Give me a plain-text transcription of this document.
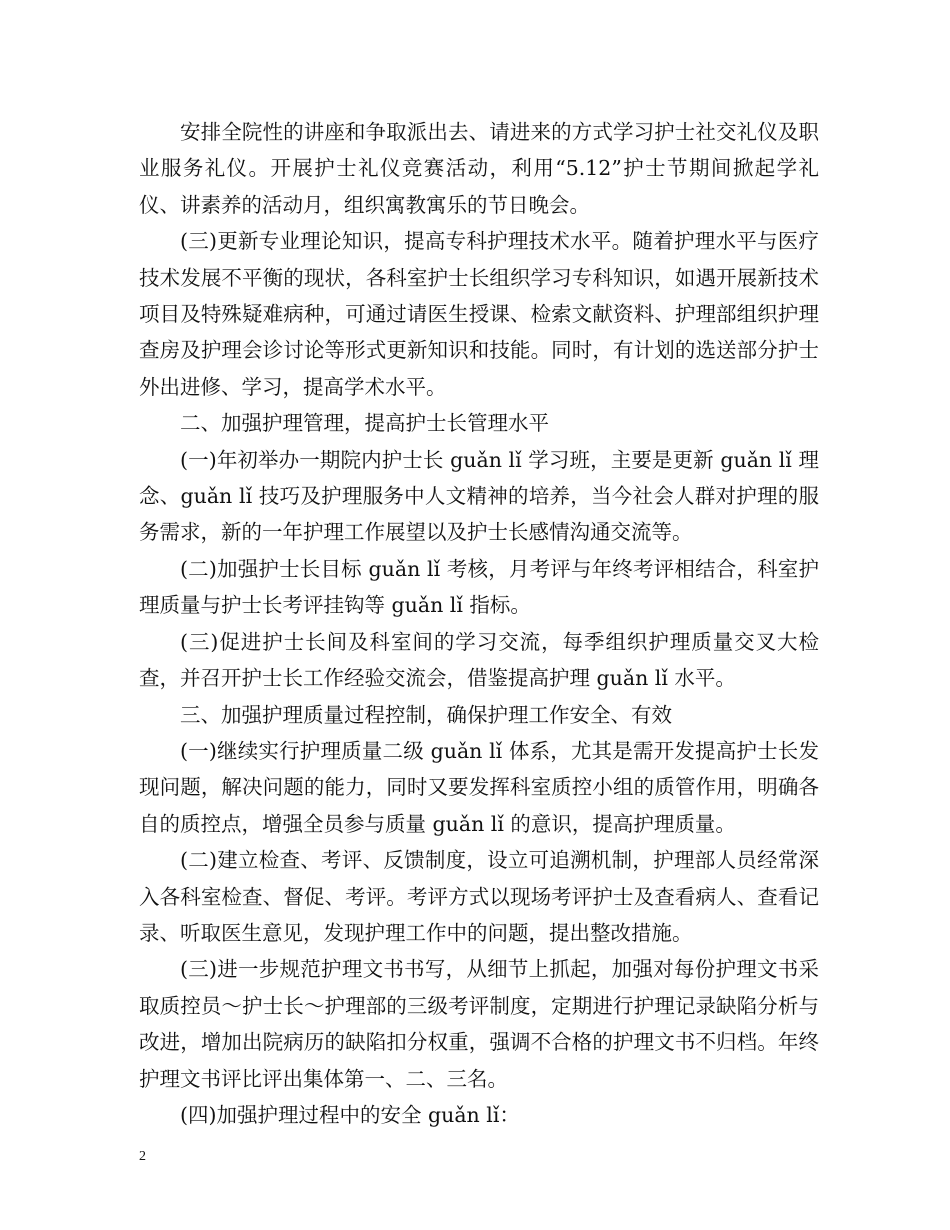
安排全院性的讲座和争取派出去、请进来的方式学习护士社交礼仪及职业服务礼仪。开展护士礼仪竞赛活动，利用“5.12”护士节期间掀起学礼仪、讲素养的活动月，组织寓教寓乐的节日晚会。

(三)更新专业理论知识，提高专科护理技术水平。随着护理水平与医疗技术发展不平衡的现状，各科室护士长组织学习专科知识，如遇开展新技术项目及特殊疑难病种，可通过请医生授课、检索文献资料、护理部组织护理查房及护理会诊讨论等形式更新知识和技能。同时，有计划的选送部分护士外出进修、学习，提高学术水平。

二、加强护理管理，提高护士长管理水平

(一)年初举办一期院内护士长 guǎn lǐ 学习班，主要是更新 guǎn lǐ 理念、guǎn lǐ 技巧及护理服务中人文精神的培养，当今社会人群对护理的服务需求，新的一年护理工作展望以及护士长感情沟通交流等。

(二)加强护士长目标 guǎn lǐ 考核，月考评与年终考评相结合，科室护理质量与护士长考评挂钩等 guǎn lǐ 指标。

(三)促进护士长间及科室间的学习交流，每季组织护理质量交叉大检查，并召开护士长工作经验交流会，借鉴提高护理 guǎn lǐ 水平。

三、加强护理质量过程控制，确保护理工作安全、有效

(一)继续实行护理质量二级 guǎn lǐ 体系，尤其是需开发提高护士长发现问题，解决问题的能力，同时又要发挥科室质控小组的质管作用，明确各自的质控点，增强全员参与质量 guǎn lǐ 的意识，提高护理质量。

(二)建立检查、考评、反馈制度，设立可追溯机制，护理部人员经常深入各科室检查、督促、考评。考评方式以现场考评护士及查看病人、查看记录、听取医生意见，发现护理工作中的问题，提出整改措施。

(三)进一步规范护理文书书写，从细节上抓起，加强对每份护理文书采取质控员～护士长～护理部的三级考评制度，定期进行护理记录缺陷分析与改进，增加出院病历的缺陷扣分权重，强调不合格的护理文书不归档。年终护理文书评比评出集体第一、二、三名。

(四)加强护理过程中的安全 guǎn lǐ：

2
